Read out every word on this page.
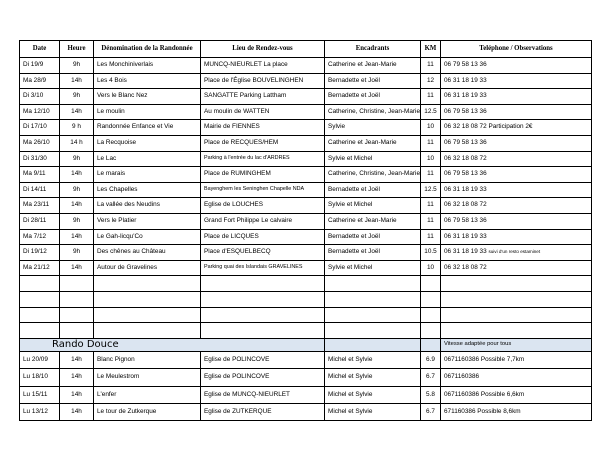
Date	Heure	Dénomination de la Randonnée	Lieu de Rendez-vous	Encadrants	KM	Teléphone / Observations
Di 19/9	9h	Les Monchiniverlais	MUNCQ-NIEURLET La place	Catherine et Jean-Marie	11	06 79 58 13 36
Ma 28/9	14h	Les 4 Bois	Place de l'Église BOUVELINGHEN	Bernadette et Joël	12	06 31 18 19 33
Di 3/10	9h	Vers le Blanc Nez	SANGATTE Parking Lattham	Bernadette et Joël	11	06 31 18 19 33
Ma 12/10	14h	Le moulin	Au moulin de WATTEN	Catherine, Christine, Jean-Marie	12.5	06 79 58 13 36
Di 17/10	9 h	Randonnée Enfance et Vie	Mairie de FIENNES	Sylvie	10	06 32 18 08 72 Participation 2€
Ma 26/10	14 h	La Recquoise	Place de RECQUES/HEM	Catherine et Jean-Marie	11	06 79 58 13 36
Di 31/30	9h	Le Lac	Parking à l'entrée du lac d'ARDRES	Sylvie et Michel	10	06 32 18 08 72
Ma 9/11	14h	Le marais	Place de RUMINGHEM	Catherine, Christine, Jean-Marie	11	06 79 58 13 36
Di 14/11	9h	Les Chapelles	Bayenghem les Seninghen Chapelle NDA	Bernadette et Joël	12.5	06 31 18 19 33
Ma 23/11	14h	La vallée des Neudins	Eglise de LOUCHES	Sylvie et Michel	11	06 32 18 08 72
Di 28/11	9h	Vers le Platier	Grand Fort Philippe Le calvaire	Catherine et Jean-Marie	11	06 79 58 13 36
Ma 7/12	14h	Le Gah-licqu'Co	Place de LICQUES	Bernadette et Joël	11	06 31 18 19 33
Di 19/12	9h	Des chênes au Château	Place d'ESQUELBECQ	Bernadette et Joël	10.5	06 31 18 19 33 suivi d'un resto estaminet
Ma 21/12	14h	Autour de Gravelines	Parking quai des Islandais GRAVELINES	Sylvie et Michel	10	06 32 18 08 72

Rando Douce						Vitesse adaptée pour tous
Lu 20/09	14h	Blanc Pignon	Eglise de POLINCOVE	Michel et Sylvie	6.9	0671160386 Possible 7,7km
Lu 18/10	14h	Le Meulestrom	Eglise de POLINCOVE	Michel et Sylvie	6.7	0671160386
Lu 15/11	14h	L'enfer	Eglise de MUNCQ-NIEURLET	Michel et Sylvie	5.8	0671160386 Possible 6,6km
Lu 13/12	14h	Le tour de Zutkerque	Eglise de ZUTKERQUE	Michel et Sylvie	6.7	671160386 Possible 8,6km
